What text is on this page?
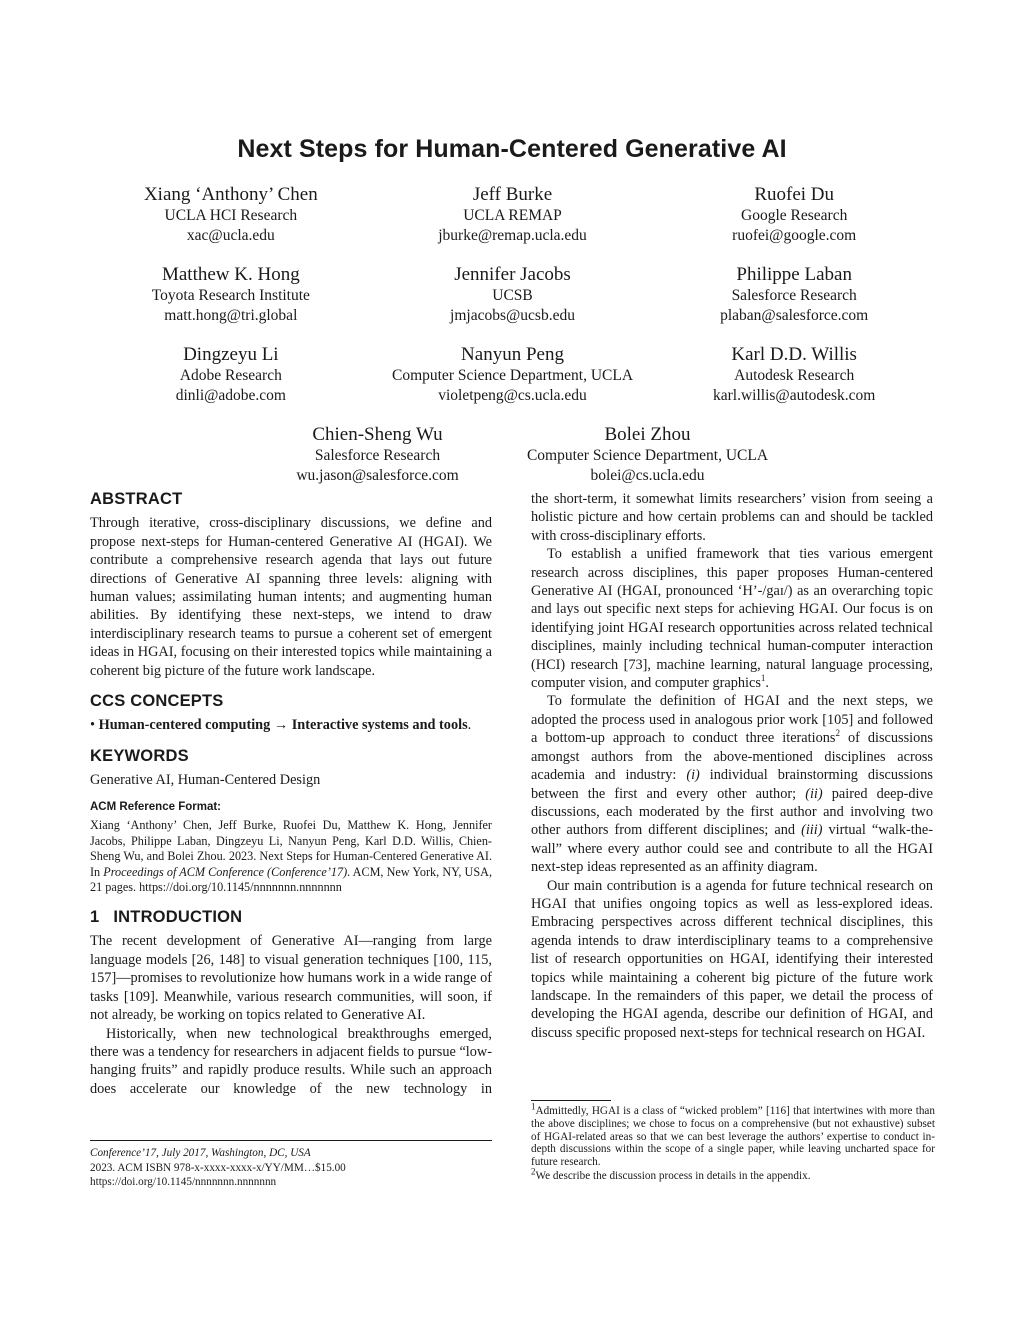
Next Steps for Human-Centered Generative AI
Xiang ‘Anthony’ Chen
UCLA HCI Research
xac@ucla.edu
Jeff Burke
UCLA REMAP
jburke@remap.ucla.edu
Ruofei Du
Google Research
ruofei@google.com
Matthew K. Hong
Toyota Research Institute
matt.hong@tri.global
Jennifer Jacobs
UCSB
jmjacobs@ucsb.edu
Philippe Laban
Salesforce Research
plaban@salesforce.com
Dingzeyu Li
Adobe Research
dinli@adobe.com
Nanyun Peng
Computer Science Department, UCLA
violetpeng@cs.ucla.edu
Karl D.D. Willis
Autodesk Research
karl.willis@autodesk.com
Chien-Sheng Wu
Salesforce Research
wu.jason@salesforce.com
Bolei Zhou
Computer Science Department, UCLA
bolei@cs.ucla.edu
ABSTRACT

Through iterative, cross-disciplinary discussions, we define and propose next-steps for Human-centered Generative AI (HGAI). We contribute a comprehensive research agenda that lays out future directions of Generative AI spanning three levels: aligning with human values; assimilating human intents; and augmenting human abilities. By identifying these next-steps, we intend to draw interdisciplinary research teams to pursue a coherent set of emergent ideas in HGAI, focusing on their interested topics while maintaining a coherent big picture of the future work landscape.

CCS CONCEPTS

• Human-centered computing → Interactive systems and tools.

KEYWORDS

Generative AI, Human-Centered Design

ACM Reference Format:

Xiang ‘Anthony’ Chen, Jeff Burke, Ruofei Du, Matthew K. Hong, Jennifer Jacobs, Philippe Laban, Dingzeyu Li, Nanyun Peng, Karl D.D. Willis, Chien-Sheng Wu, and Bolei Zhou. 2023. Next Steps for Human-Centered Generative AI. In Proceedings of ACM Conference (Conference’17). ACM, New York, NY, USA, 21 pages. https://doi.org/10.1145/nnnnnnn.nnnnnnn

1 INTRODUCTION

The recent development of Generative AI—ranging from large language models [26, 148] to visual generation techniques [100, 115, 157]—promises to revolutionize how humans work in a wide range of tasks [109]. Meanwhile, various research communities, will soon, if not already, be working on topics related to Generative AI.

Historically, when new technological breakthroughs emerged, there was a tendency for researchers in adjacent fields to pursue “low-hanging fruits” and rapidly produce results. While such an approach does accelerate our knowledge of the new technology in

the short-term, it somewhat limits researchers’ vision from seeing a holistic picture and how certain problems can and should be tackled with cross-disciplinary efforts.

To establish a unified framework that ties various emergent research across disciplines, this paper proposes Human-centered Generative AI (HGAI, pronounced ‘H’-/gaɪ/) as an overarching topic and lays out specific next steps for achieving HGAI. Our focus is on identifying joint HGAI research opportunities across related technical disciplines, mainly including technical human-computer interaction (HCI) research [73], machine learning, natural language processing, computer vision, and computer graphics$^1$.

To formulate the definition of HGAI and the next steps, we adopted the process used in analogous prior work [105] and followed a bottom-up approach to conduct three iterations$^2$ of discussions amongst authors from the above-mentioned disciplines across academia and industry: (i) individual brainstorming discussions between the first and every other author; (ii) paired deep-dive discussions, each moderated by the first author and involving two other authors from different disciplines; and (iii) virtual “walk-the-wall” where every author could see and contribute to all the HGAI next-step ideas represented as an affinity diagram.

Our main contribution is a agenda for future technical research on HGAI that unifies ongoing topics as well as less-explored ideas. Embracing perspectives across different technical disciplines, this agenda intends to draw interdisciplinary teams to a comprehensive list of research opportunities on HGAI, identifying their interested topics while maintaining a coherent big picture of the future work landscape. In the remainders of this paper, we detail the process of developing the HGAI agenda, describe our definition of HGAI, and discuss specific proposed next-steps for technical research on HGAI.

Conference’17, July 2017, Washington, DC, USA
2023. ACM ISBN 978-x-xxxx-xxxx-x/YY/MM…$15.00
https://doi.org/10.1145/nnnnnnn.nnnnnnn
$^1$Admittedly, HGAI is a class of “wicked problem” [116] that intertwines with more than the above disciplines; we chose to focus on a comprehensive (but not exhaustive) subset of HGAI-related areas so that we can best leverage the authors’ expertise to conduct in-depth discussions within the scope of a single paper, while leaving uncharted space for future research.
$^2$We describe the discussion process in details in the appendix.
